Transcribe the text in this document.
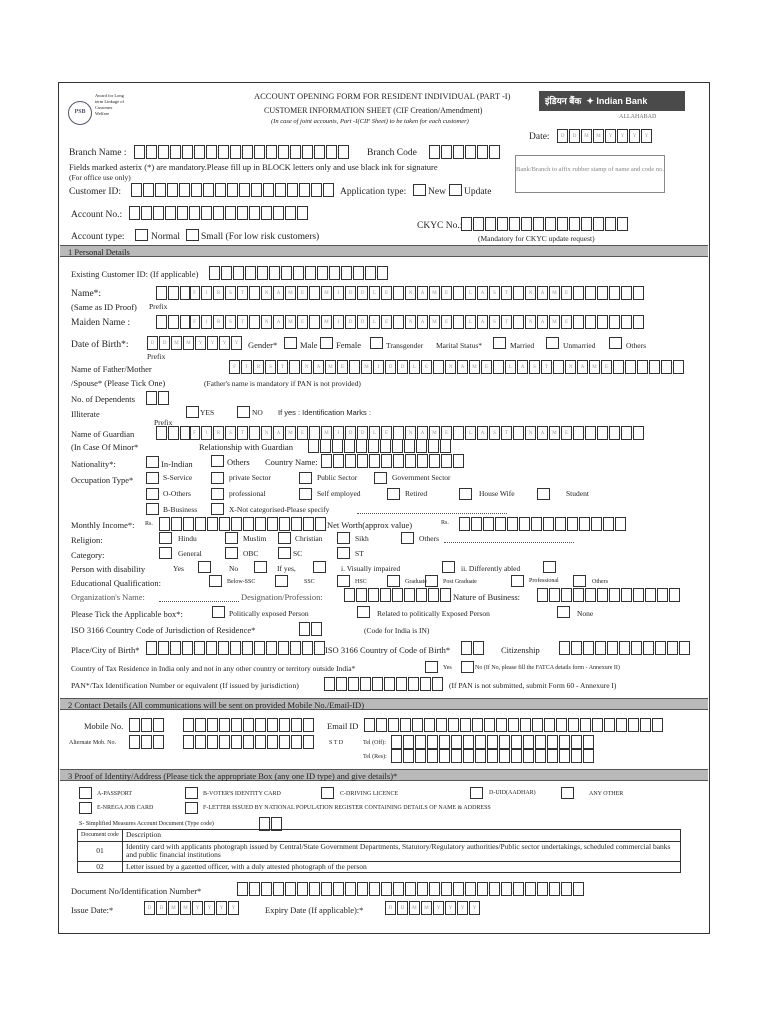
PSB
Award for Long term Linkage of Customer Welfare
ACCOUNT OPENING FORM FOR RESIDENT INDIVIDUAL (PART -I)
CUSTOMER INFORMATION SHEET (CIF Creation/Amendment)
(In case of joint accounts, Part -I(CIF Sheet) to be taken for each customer)
इंडियन बैंक  ✦ Indian Bank
ALLAHABAD
Date:	D D M M Y Y Y Y
Branch Name :	Branch Code
Fields marked asterix (*) are mandatory.Please fill up in BLOCK letters only and use black ink for signature
(For office use only)
Customer ID:	Application type: New Update
Bank/Branch to affix rubber stamp of name and code no.
Account No.:
CKYC No.:
Account type:	Normal Small (For low risk customers)	(Mandatory for CKYC update request)
1 Personal Details
Existing Customer ID: (If applicable)
Name*:
(Same as ID Proof) Prefix
F I R S T	N A M E	M I D D L E	N A M E	L A S T	N A M E
Maiden Name :	F I R S T	N A M E	M I D D L E	N A M E	L A S T	N A M E
Date of Birth*:	D D M M Y Y Y Y	Gender*	Male Female	Transgender Marital Status*	Married	Unmarried	Others
Prefix
Name of Father/Mother	F I R S T	N A M E	M I D D L E	N A M E	L A S T	N A M E
/Spouse* (Please Tick One)	(Father's name is mandatory if PAN is not provided)
No. of Dependents
Illiterate	YES	NO If yes : Identification Marks :
Prefix
Name of Guardian	F I R S T	N A M E	M I D D L E	N A M E	L A S T	N A M E
(In Case Of Minor*	Relationship with Guardian
Nationality*:	In-Indian	Others Country Name:
Occupation Type*	S-Service	private Sector	Public Sector	Government Sector
O-Others	professional	Self employed	Retired	House Wife	Student
B-Business	X-Not categorised-Please specify
Monthly Income*: Rs.	Net Worth(approx value)	Rs.
Religion:	Hindu	Muslim	Christian	Sikh	Others
Category:	General	OBC	SC	ST
Person with disability	Yes	No	If yes,	i. Visually impaired	ii. Differently abled
Educational Qualification:	Below-SSC	SSC	HSC	Graduate	Post Graduate	Professional	Others
Organization's Name:	Designation/Profession:	Nature of Business:
Please Tick the Applicable box*:	Politically exposed Person	Related to politically Exposed Person	None
ISO 3166 Country Code of Jurisdiction of Residence*	(Code for India is IN)
Place/City of Birth*	ISO 3166 Country of Code of Birth*	Citizenship
Country of Tax Residence in India only and not in any other country or territory outside India*	Yes	No (If No, please fill the FATCA details form - Annexure II)
PAN*/Tax Identification Number or equivalent (If issued by jurisdiction)	(If PAN is not submitted, submit Form 60 - Annexure I)
2 Contact Details (All communications will be sent on provided Mobile No./Email-ID)
Mobile No.	Email ID
Alternate Mob. No.	S T D	Tel (Off):
Tel (Res):
3 Proof of Identity/Address (Please tick the appropriate Box (any one ID type) and give details)*
A-PASSPORT	B-VOTER'S IDENTITY CARD	C-DRIVING LICENCE	D-UID(AADHAR)	ANY OTHER
E-NREGA JOB CARD	F-LETTER ISSUED BY NATIONAL POPULATION REGISTER CONTAINING DETAILS OF NAME & ADDRESS
S- Simplified Measures Account Document (Type code)
Document code	Description
01	Identity card with applicants photograph issued by Central/State Government Departments, Statutory/Regulatory authorities/Public sector undertakings, scheduled commercial banks and public financial institutions
02	Letter issued by a gazetted officer, with a duly attested photograph of the person
Document No/Identification Number*
Issue Date:*	D D M M Y Y Y Y	Expiry Date (If applicable):*	D D M M Y Y Y Y
